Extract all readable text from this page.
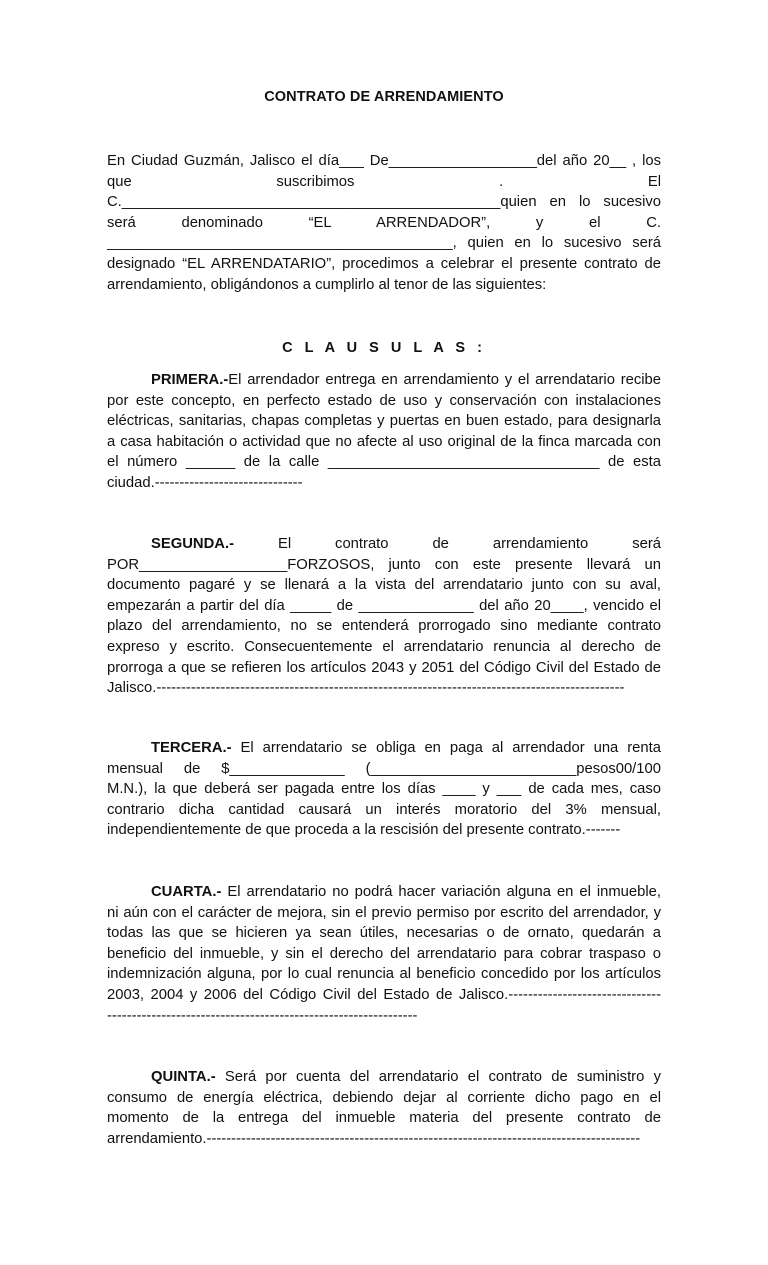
CONTRATO DE ARRENDAMIENTO
En Ciudad Guzmán, Jalisco el día___ De__________________del año 20__ , los
que suscribimos . El
C.______________________________________________quien en lo sucesivo
será denominado “EL ARRENDADOR”, y el C.
__________________________________________, quien en lo sucesivo será
designado “EL ARRENDATARIO”, procedimos a celebrar el presente contrato de
arrendamiento, obligándonos a cumplirlo al tenor de las siguientes:
C L A U S U L A S :
PRIMERA.-El arrendador entrega en arrendamiento y el arrendatario recibe
por este concepto, en perfecto estado de uso y conservación con instalaciones
eléctricas, sanitarias, chapas completas y puertas en buen estado, para designarla
a casa habitación o actividad que no afecte al uso original de la finca marcada con
el número ______ de la calle _________________________________ de esta
ciudad.------------------------------
SEGUNDA.-	El contrato de arrendamiento será
POR__________________FORZOSOS, junto con este presente llevará un
documento pagaré y se llenará a la vista del arrendatario junto con su aval,
empezarán a partir del día _____ de ______________ del año 20____, vencido el
plazo del arrendamiento, no se entenderá prorrogado sino mediante contrato
expreso y escrito. Consecuentemente el arrendatario renuncia al derecho de
prorroga a que se refieren los artículos 2043 y 2051 del Código Civil del Estado de
Jalisco.-----------------------------------------------------------------------------------------------
TERCERA.- El arrendatario se obliga en paga al arrendador una renta
mensual de $______________ (_________________________pesos00/100
M.N.), la que deberá ser pagada entre los días ____ y ___ de cada mes, caso
contrario dicha cantidad causará un interés moratorio del 3% mensual,
independientemente de que proceda a la rescisión del presente contrato.-------
CUARTA.- El arrendatario no podrá hacer variación alguna en el inmueble,
ni aún con el carácter de mejora, sin el previo permiso por escrito del arrendador, y
todas las que se hicieren ya sean útiles, necesarias o de ornato, quedarán a
beneficio del inmueble, y sin el derecho del arrendatario para cobrar traspaso o
indemnización alguna, por lo cual renuncia al beneficio concedido por los artículos
2003, 2004 y 2006 del Código Civil del Estado de Jalisco.-------------------------------
---------------------------------------------------------------
QUINTA.- Será por cuenta del arrendatario el contrato de suministro y
consumo de energía eléctrica, debiendo dejar al corriente dicho pago en el
momento de la entrega del inmueble materia del presente contrato de
arrendamiento.----------------------------------------------------------------------------------------
